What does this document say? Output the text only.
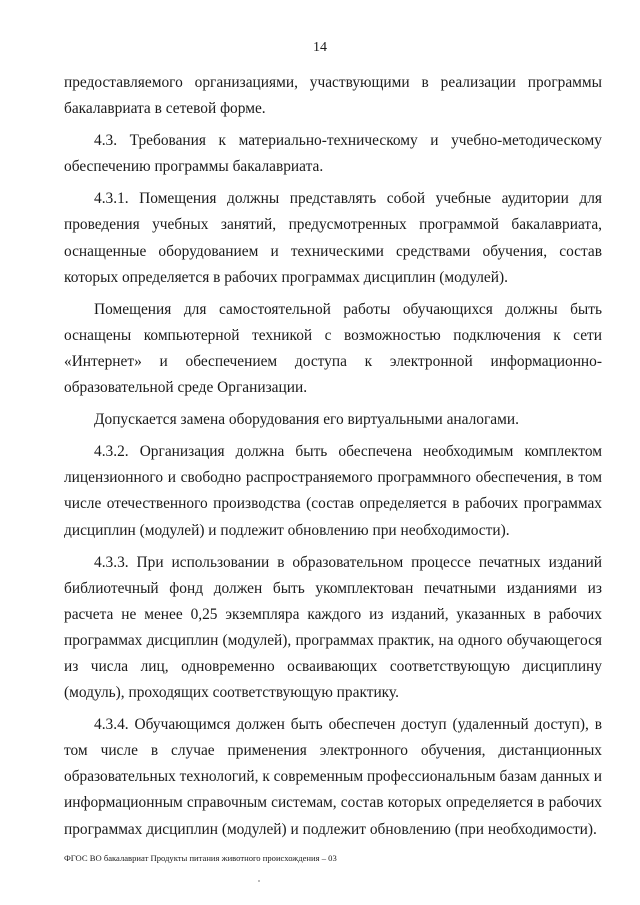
14

предоставляемого организациями, участвующими в реализации программы бакалавриата в сетевой форме.

4.3. Требования к материально-техническому и учебно-методическому обеспечению программы бакалавриата.

4.3.1. Помещения должны представлять собой учебные аудитории для проведения учебных занятий, предусмотренных программой бакалавриата, оснащенные оборудованием и техническими средствами обучения, состав которых определяется в рабочих программах дисциплин (модулей).

Помещения для самостоятельной работы обучающихся должны быть оснащены компьютерной техникой с возможностью подключения к сети «Интернет» и обеспечением доступа к электронной информационно-образовательной среде Организации.

Допускается замена оборудования его виртуальными аналогами.

4.3.2. Организация должна быть обеспечена необходимым комплектом лицензионного и свободно распространяемого программного обеспечения, в том числе отечественного производства (состав определяется в рабочих программах дисциплин (модулей) и подлежит обновлению при необходимости).

4.3.3. При использовании в образовательном процессе печатных изданий библиотечный фонд должен быть укомплектован печатными изданиями из расчета не менее 0,25 экземпляра каждого из изданий, указанных в рабочих программах дисциплин (модулей), программах практик, на одного обучающегося из числа лиц, одновременно осваивающих соответствующую дисциплину (модуль), проходящих соответствующую практику.

4.3.4. Обучающимся должен быть обеспечен доступ (удаленный доступ), в том числе в случае применения электронного обучения, дистанционных образовательных технологий, к современным профессиональным базам данных и информационным справочным системам, состав которых определяется в рабочих программах дисциплин (модулей) и подлежит обновлению (при необходимости).

ФГОС ВО бакалавриат Продукты питания животного происхождения – 03
